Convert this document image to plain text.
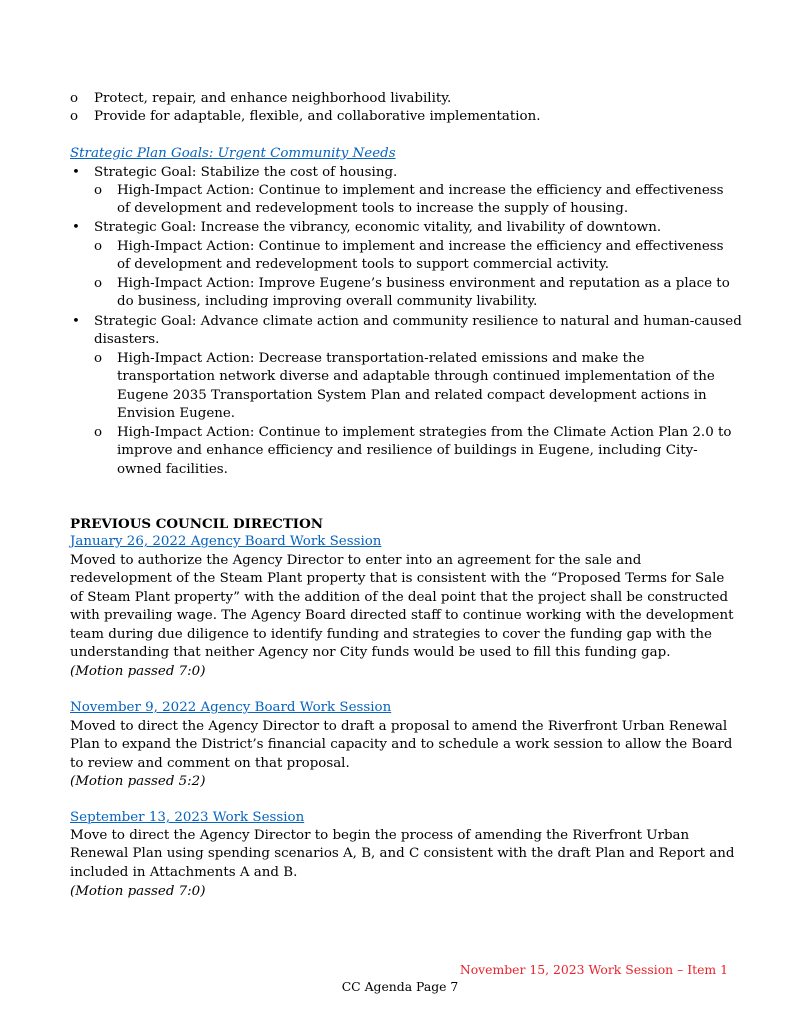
o Protect, repair, and enhance neighborhood livability.
o Provide for adaptable, flexible, and collaborative implementation.
Strategic Plan Goals: Urgent Community Needs
• Strategic Goal: Stabilize the cost of housing.
o High-Impact Action: Continue to implement and increase the efficiency and effectiveness of development and redevelopment tools to increase the supply of housing.
• Strategic Goal: Increase the vibrancy, economic vitality, and livability of downtown.
o High-Impact Action: Continue to implement and increase the efficiency and effectiveness of development and redevelopment tools to support commercial activity.
o High-Impact Action: Improve Eugene’s business environment and reputation as a place to do business, including improving overall community livability.
• Strategic Goal: Advance climate action and community resilience to natural and human-caused disasters.
o High-Impact Action: Decrease transportation-related emissions and make the transportation network diverse and adaptable through continued implementation of the Eugene 2035 Transportation System Plan and related compact development actions in Envision Eugene.
o High-Impact Action: Continue to implement strategies from the Climate Action Plan 2.0 to improve and enhance efficiency and resilience of buildings in Eugene, including City-owned facilities.
PREVIOUS COUNCIL DIRECTION
January 26, 2022 Agency Board Work Session
Moved to authorize the Agency Director to enter into an agreement for the sale and redevelopment of the Steam Plant property that is consistent with the “Proposed Terms for Sale of Steam Plant property” with the addition of the deal point that the project shall be constructed with prevailing wage. The Agency Board directed staff to continue working with the development team during due diligence to identify funding and strategies to cover the funding gap with the understanding that neither Agency nor City funds would be used to fill this funding gap.
(Motion passed 7:0)
November 9, 2022 Agency Board Work Session
Moved to direct the Agency Director to draft a proposal to amend the Riverfront Urban Renewal Plan to expand the District’s financial capacity and to schedule a work session to allow the Board to review and comment on that proposal.
(Motion passed 5:2)
September 13, 2023 Work Session
Move to direct the Agency Director to begin the process of amending the Riverfront Urban Renewal Plan using spending scenarios A, B, and C consistent with the draft Plan and Report and included in Attachments A and B.
(Motion passed 7:0)
November 15, 2023 Work Session – Item 1
CC Agenda Page 7
